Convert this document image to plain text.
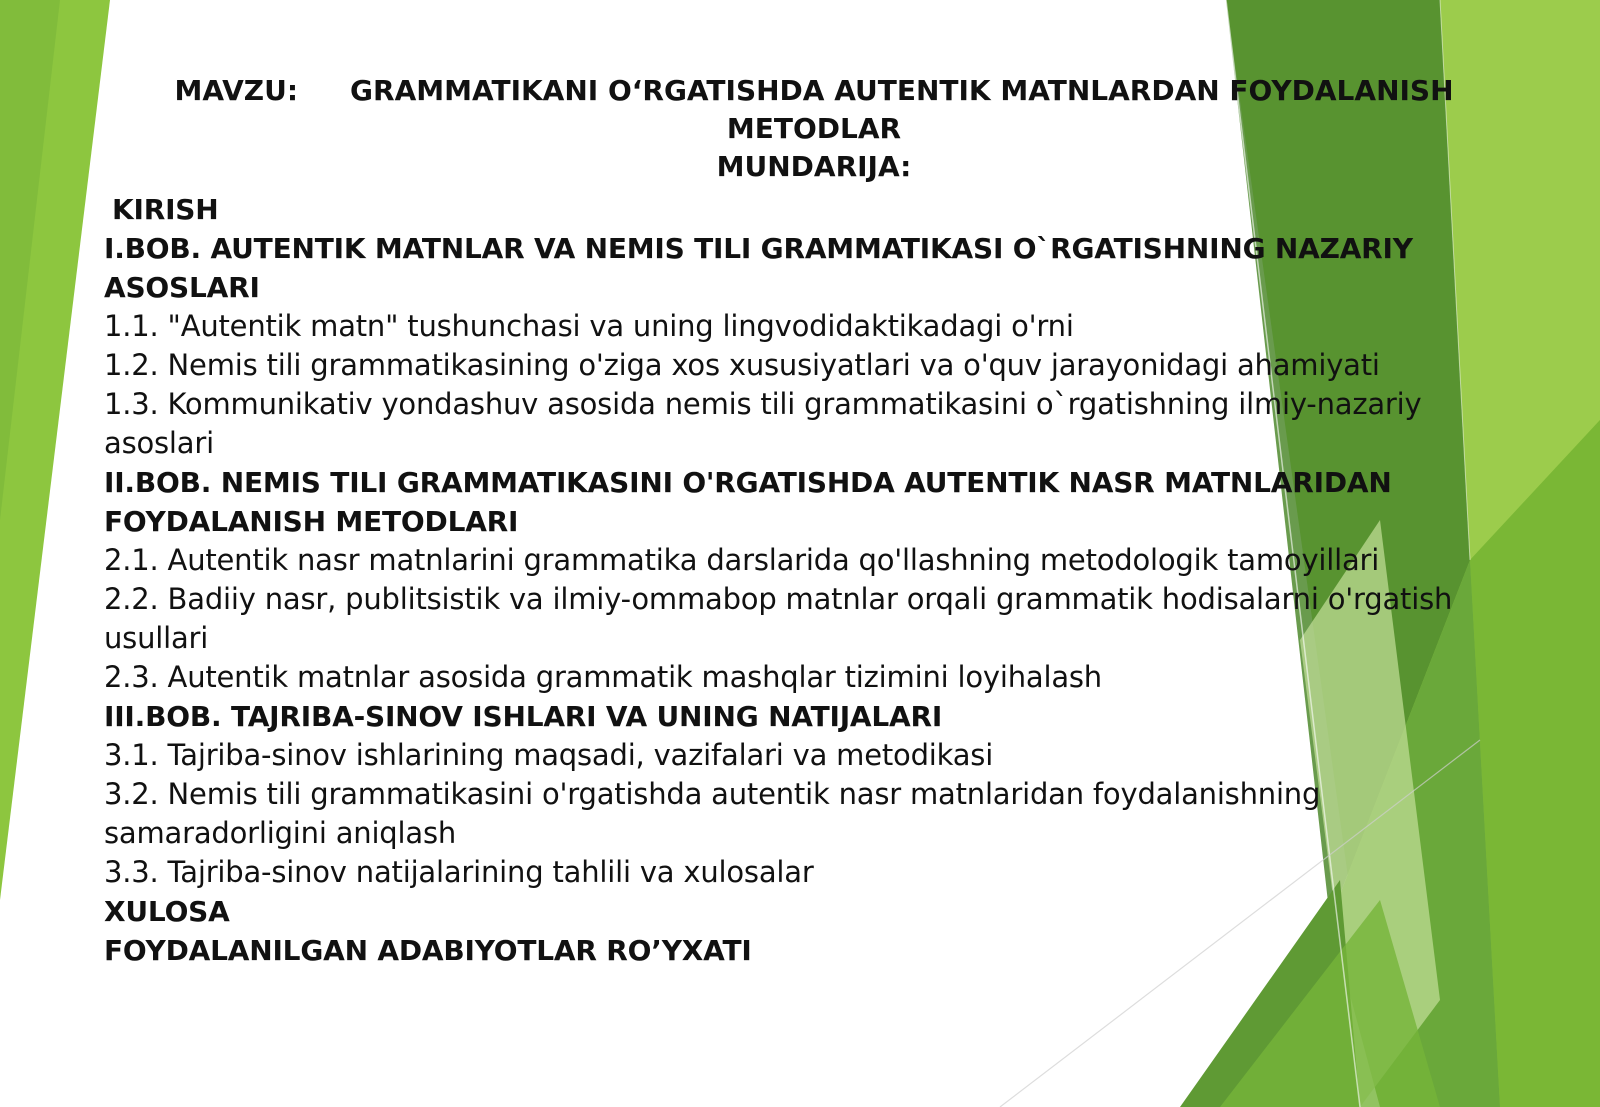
MAVZU: GRAMMATIKANI O‘RGATISHDA AUTENTIK MATNLARDAN FOYDALANISH

METODLAR

MUNDARIJA:

KIRISH

I.BOB. AUTENTIK MATNLAR VA NEMIS TILI GRAMMATIKASI O`RGATISHNING NAZARIY ASOSLARI

1.1. "Autentik matn" tushunchasi va uning lingvodidaktikadagi o'rni

1.2. Nemis tili grammatikasining o'ziga xos xususiyatlari va o'quv jarayonidagi ahamiyati

1.3. Kommunikativ yondashuv asosida nemis tili grammatikasini o`rgatishning ilmiy-nazariy asoslari

II.BOB. NEMIS TILI GRAMMATIKASINI O'RGATISHDA AUTENTIK NASR MATNLARIDAN FOYDALANISH METODLARI

2.1. Autentik nasr matnlarini grammatika darslarida qo'llashning metodologik tamoyillari

2.2. Badiiy nasr, publitsistik va ilmiy-ommabop matnlar orqali grammatik hodisalarni o'rgatish usullari

2.3. Autentik matnlar asosida grammatik mashqlar tizimini loyihalash

III.BOB. TAJRIBA-SINOV ISHLARI VA UNING NATIJALARI

3.1. Tajriba-sinov ishlarining maqsadi, vazifalari va metodikasi

3.2. Nemis tili grammatikasini o'rgatishda autentik nasr matnlaridan foydalanishning samaradorligini aniqlash

3.3. Tajriba-sinov natijalarining tahlili va xulosalar

XULOSA

FOYDALANILGAN ADABIYOTLAR RO’YXATI
